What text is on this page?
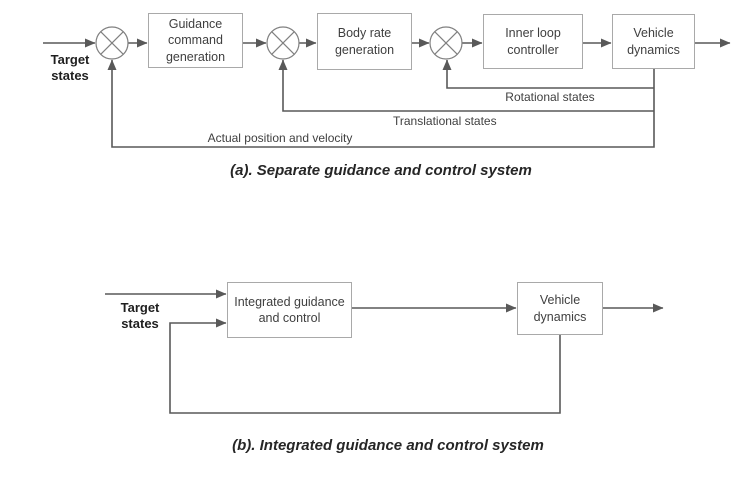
Guidance command generation
Body rate generation
Inner loop controller
Vehicle dynamics
Target states
Rotational states
Translational states
Actual position and velocity
(a). Separate guidance and control system
Integrated guidance and control
Vehicle dynamics
Target states
(b). Integrated guidance and control system
